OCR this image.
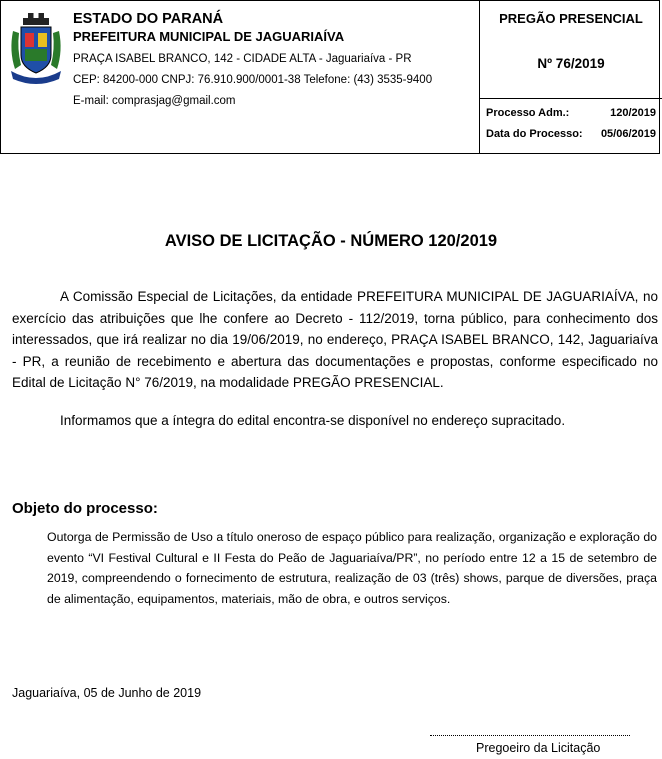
ESTADO DO PARANÁ
PREFEITURA MUNICIPAL DE JAGUARIAÍVA
PRAÇA ISABEL BRANCO, 142 - CIDADE ALTA - Jaguariaíva - PR
CEP: 84200-000 CNPJ: 76.910.900/0001-38 Telefone: (43) 3535-9400
E-mail: comprasjag@gmail.com
PREGÃO PRESENCIAL
Nº 76/2019
Processo Adm.:	120/2019
Data do Processo: 05/06/2019
AVISO DE LICITAÇÃO - NÚMERO 120/2019
A Comissão Especial de Licitações, da entidade PREFEITURA MUNICIPAL DE JAGUARIAÍVA, no exercício das atribuições que lhe confere ao Decreto - 112/2019, torna público, para conhecimento dos interessados, que irá realizar no dia 19/06/2019, no endereço, PRAÇA ISABEL BRANCO, 142, Jaguariaíva - PR, a reunião de recebimento e abertura das documentações e propostas, conforme especificado no Edital de Licitação N° 76/2019, na modalidade PREGÃO PRESENCIAL.
Informamos que a íntegra do edital encontra-se disponível no endereço supracitado.
Objeto do processo:
Outorga de Permissão de Uso a título oneroso de espaço público para realização, organização e exploração do evento “VI Festival Cultural e II Festa do Peão de Jaguariaíva/PR”, no período entre 12 a 15 de setembro de 2019, compreendendo o fornecimento de estrutura, realização de 03 (três) shows, parque de diversões, praça de alimentação, equipamentos, materiais, mão de obra, e outros serviços.
Jaguariaíva, 05 de Junho de 2019
Pregoeiro da Licitação
